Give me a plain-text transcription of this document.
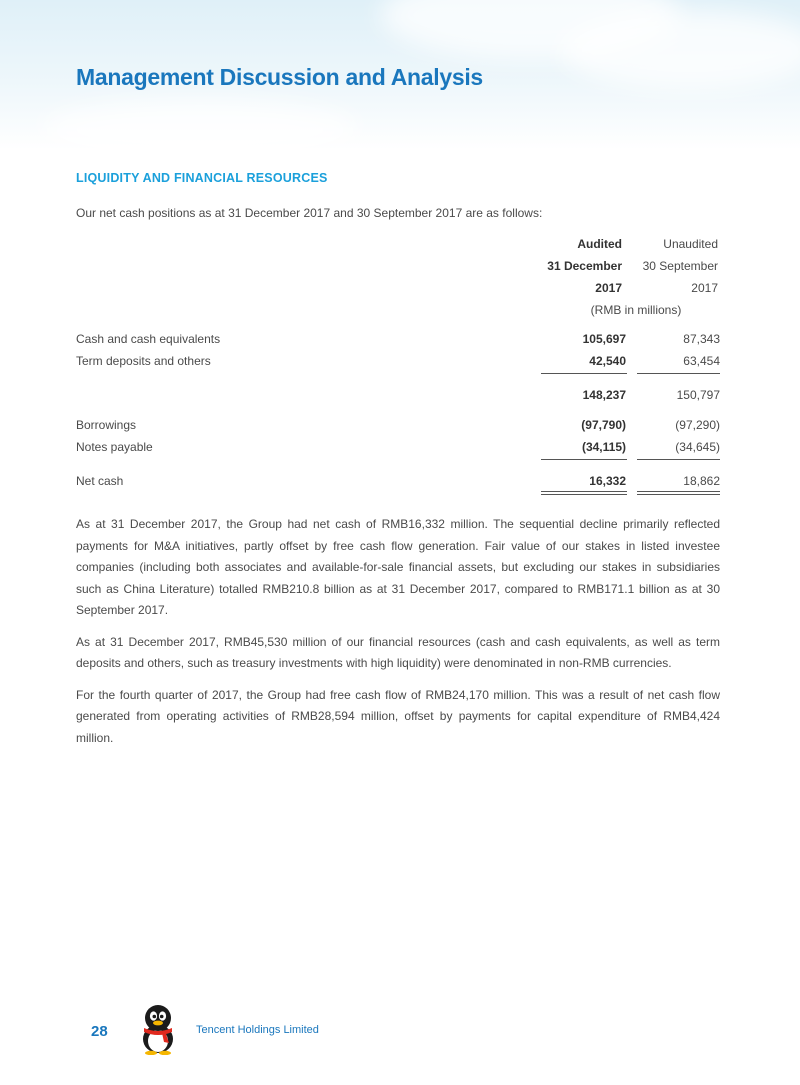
Management Discussion and Analysis
LIQUIDITY AND FINANCIAL RESOURCES

Our net cash positions as at 31 December 2017 and 30 September 2017 are as follows:

Audited	Unaudited
31 December	30 September
2017	2017
(RMB in millions)
Cash and cash equivalents	105,697	87,343
Term deposits and others	42,540	63,454
148,237	150,797
Borrowings	(97,790)	(97,290)
Notes payable	(34,115)	(34,645)
Net cash	16,332	18,862

As at 31 December 2017, the Group had net cash of RMB16,332 million. The sequential decline primarily reflected payments for M&A initiatives, partly offset by free cash flow generation. Fair value of our stakes in listed investee companies (including both associates and available-for-sale financial assets, but excluding our stakes in subsidiaries such as China Literature) totalled RMB210.8 billion as at 31 December 2017, compared to RMB171.1 billion as at 30 September 2017.

As at 31 December 2017, RMB45,530 million of our financial resources (cash and cash equivalents, as well as term deposits and others, such as treasury investments with high liquidity) were denominated in non-RMB currencies.

For the fourth quarter of 2017, the Group had free cash flow of RMB24,170 million. This was a result of net cash flow generated from operating activities of RMB28,594 million, offset by payments for capital expenditure of RMB4,424 million.

28	Tencent Holdings Limited
